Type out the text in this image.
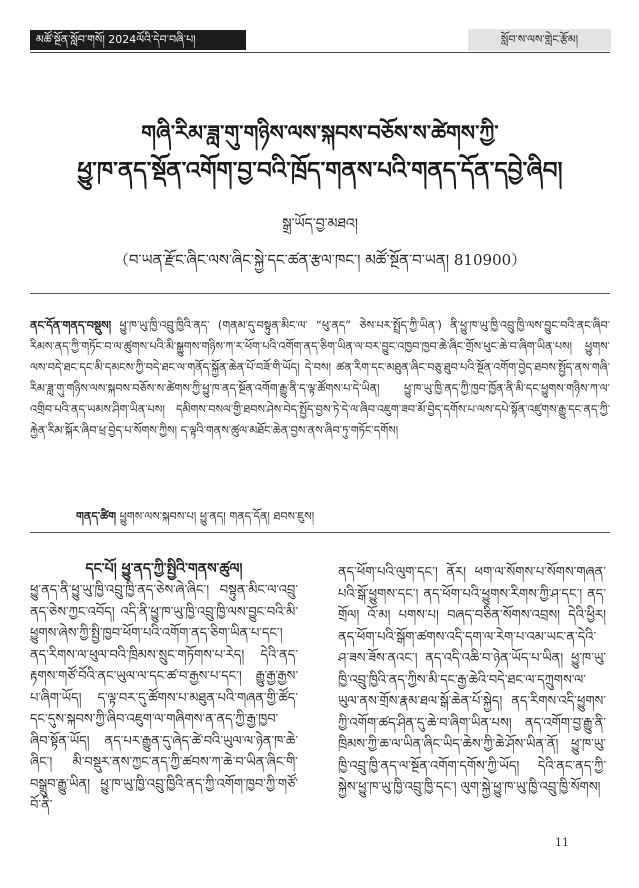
མཚོ་སྔོན་སློབ་གསོ། 2024ལོའི་དེབ་བཞི་པ།	སློབ་ས་ལས་གླེང་རྩོམ།
གཞི་རིམ་ཟླ་གུ་གཉིས་ལས་སྐབས་བཅོས་ས་ཚེགས་ཀྱི་
ཕྱུ་ཁ་ནད་སྡོན་འགོག་བྱ་བའི་ཁྲོད་གནས་པའི་གནད་དོན་དབྱེ་ཞིབ།
སྒྲ་ཡོད་བྱ་མཐའ།
（བ་ཡན་རྫོང་ཞིང་ལས་ཞིང་སྐྱེ་དང་ཚན་རྩལ་ཁང་། མཚོ་སྔོན་བ་ཡན། 810900）

ནང་དོན་གནད་བསྡུས། ཕྱུ་ཁ་ཡུ་ཁྱི་འབྲུ་ཁྱིའི་ནད་ (གནམ་དུ་བསྟུན་མིང་ལ་ “ཕུ་ནད” ཅེས་པར་སྤྲོད་ཀྱི་ཡིན་) ནི་ཕྱུ་ཁ་ཡུ་ཁྱི་འབྲུ་ཁྱི་ལས་བྱུང་བའི་ནང་ཞིབ་རིམས་ནད་ཀྱི་གཏོང་བ་ལ་ཚུགས་པའི་མི་སྒྱུགས་གཉིས་ཀ་ར་ཕོག་པའི་འགོག་ནད་ཅིག་ཡིན་ལ་བར་བྱུང་འཁྱབ་ཁྱབ་ཆེ་ཞིང་གྲོས་ཕུང་ཆེ་བ་ཞིག་ཡིན་པས། ཕྱུགས་ལས་བདེ་ཐང་དང་མི་དམངས་ཀྱི་བདེ་ཐང་ལ་གནོད་སྐྱོན་ཆེན་པོ་བཟོ་གི་ཡོད། དེ་བས། ཚན་རིག་དང་མཐུན་ཞིང་བཅུ་ཐུབ་པའི་སྔོན་འགོག་བྱེད་ཐབས་སྤྱོད་ནས་གཞི་རིམ་ཟླ་གུ་གཉིས་ལས་སྐབས་བཅོས་ས་ཚེགས་ཀྱི་ཕྱུ་ཁ་ནད་སྔོན་འགོག་རྒྱུ་ནི་ད་ལྟ་ཚོགས་པ་དེ་ཡིན། ཕྱུ་ཁ་ཡུ་ཁྱི་ནད་ཀྱི་ཁྱབ་ཁྱོན་ནི་མི་དང་ཕྱུགས་གཉིས་ཀ་ལ་འགྲིབ་པའི་ནད་ཡམས་ཤིག་ཡིན་པས། དམིགས་བསལ་གྱི་ཐབས་ཤེས་བེད་སྤྱོད་བྱས་ཏེ་དེ་ལ་ཞིབ་འཇུག་ཟབ་མོ་བྱེད་དགོས་པ་ལས་དཔེ་སྟོན་འཛུགས་རྒྱུ་དང་ནད་ཀྱི་རྐྱེན་རིམ་སྐོར་ཞིབ་ཕྲ་བྱེད་པ་སོགས་ཀྱིས། ད་ལྟའི་གནས་ཚུལ་མཐོང་ཆེན་བྱས་ནས་ཞིབ་ཏུ་གཏོང་དགོས།

གནད་ཚིག ཕྱུགས་ལས་སྐབས་པ། ཕྱུ་ནད། གནད་དོན། ཐབས་ཇུས།
དང་པོ། ཕྱུ་ནད་ཀྱི་སྤྱིའི་གནས་ཚུལ།

ཕྱུ་ནད་ནི་ཕྱུ་ཡུ་ཁྱི་འབྲུ་ཁྱི་ནད་ཅེས་ཞེ་ཞིང་། བསྟུན་མིང་ལ་འབྲུ་ནད་ཅེས་ཀྱང་འབོད། འདི་ནི་ཕྱུ་ཁ་ཡུ་ཁྱི་འབྲུ་ཁྱི་ལས་བྱུང་བའི་མི་ཕྱུགས་ཞེས་ཀྱི་སྤྱི་ཁྱབ་ཕོག་པའི་འགོག་ནད་ཅིག་ཡིན་པ་དང་། ནད་རིགས་ལ་ཕུལ་བའི་ཁྲིམས་སྲུང་གཏོགས་པ་རེད། དེའི་ནད་རྟགས་གཙོ་བོའི་ནང་ཡུལ་ལ་དང་ཚ་བ་རྒྱས་པ་དང་། རྒྱུ་རྒྱ་རྒྱས་པ་ཞིག་ཡོད། ད་ལྟ་བར་དུ་ཚོགས་པ་མཐུན་པའི་གཞན་གྱི་ཚོད་དང་དུས་སྐབས་ཀྱི་ཞིབ་འཇུག་ལ་གཞིགས་ན་ནད་ཀྱི་རྒྱ་ཁྱབ་ཞིབ་སྟོན་ཡོད། ནད་པར་རྒྱུན་དུ་ཞེད་ཚེ་བའི་ཡུལ་ལ་ཉེན་ཁ་ཆེ་ཞིང་། མི་བསྡུར་ནས་ཀྱང་ནད་ཀྱི་ཚབས་ཀ་ཆེ་བ་ཡིན་ཞིང་གི་བསྒྲུབ་རྒྱུ་ཡིན། ཕྱུ་ཁ་ཡུ་ཁྱི་འབྲུ་ཁྱིའི་ནད་ཀྱི་འགོག་ཁྱབ་ཀྱི་གཙོ་བོ་ནི་

ནད་ཕོག་པའི་ལུག་དང་། ནོར། ཕག་ལ་སོགས་པ་སོགས་གཞན་པའི་སྒོ་ཕྱུགས་དང་། ནད་ཕོག་པའི་ཕྱུགས་རིགས་ཀྱི་ཤ་དང་། ནད་གྲོལ། འོ་མ། པགས་པ། བཞད་བཅིན་སོགས་འབྲས། དེའི་ཕྱིར། ནད་ཕོག་པའི་སྒོག་ཚགས་འདི་དག་ལ་རེག་པ་འམ་ཡང་ན་དེའི་ཤ་ཟས་ཟོས་ནའང་། ནད་འདི་འཆི་བ་ཉེན་ཡོད་པ་ཡིན། ཕྱུ་ཁ་ཡུ་ཁྱི་འབྲུ་ཁྱིའི་ནད་ཀྱིས་མི་དང་རྒྱ་ཆེའི་བདེ་ཐང་ལ་དཀྲུགས་ལ་ཡུལ་ནས་གྲོས་རྣམ་ཐལ་སྒོ་ཆེན་པོ་སྐྱེད། ནད་རིགས་འདི་ཕྱུགས་ཀྱི་འགོག་ཚད་ཤིན་དུ་ཆེ་བ་ཞིག་ཡིན་པས། ནད་འགོག་བྱ་རྒྱུ་ནི་ཁྲིམས་ཀྱི་ཆ་ལ་ཡིན་ཞིང་ཡིད་ཆེས་ཀྱི་ཆེ་ཤོས་ཡིན་ནོ། ཕྱུ་ཁ་ཡུ་ཁྱི་འབྲུ་ཁྱི་ནད་ལ་སྔོན་འགོག་དགོས་ཀྱི་ཡོད། དེའི་ནང་ནད་ཀྱི་སྐྱེས་ཕྱུ་ཁ་ཡུ་ཁྱི་འབྲུ་ཁྱི་དང་། ལུག་སྐྱེ་ཕྱུ་ཁ་ཡུ་ཁྱི་འབྲུ་ཁྱི་སོགས།

11
